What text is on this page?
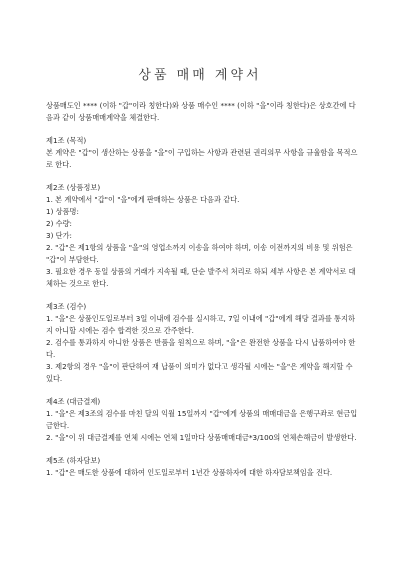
상품 매매 계약서

상품매도인 **** (이하 "갑"이라 칭한다)와 상품 매수인 **** (이하 "을"이라 칭한다)은 상호간에 다음과 같이 상품매매계약을 체결한다.

제1조 (목적)

본 계약은 "갑"이 생산하는 상품을 "을"이 구입하는 사항과 관련된 권리의무 사항을 규율함을 목적으로 한다.

제2조 (상품정보)

1. 본 계약에서 "갑"이 "을"에게 판매하는 상품은 다음과 같다.

1) 상품명:

2) 수량:

3) 단가:

2. "갑"은 제1항의 상품을 "을"의 영업소까지 이송을 하여야 하며, 이송 이전까지의 비용 및 위험은 "갑"이 부담한다.

3. 필요한 경우 동일 상품의 거래가 지속될 때, 단순 발주서 처리로 하되 세부 사항은 본 계약서로 대체하는 것으로 한다.

제3조 (검수)

1. "을"은 상품인도일로부터 3일 이내에 검수를 실시하고, 7일 이내에 "갑"에게 해당 결과를 통지하지 아니할 시에는 검수 합격한 것으로 간주한다.

2. 검수를 통과하지 아니한 상품은 반품을 원칙으로 하며, "을"은 완전한 상품을 다시 납품하여야 한다.

3. 제2항의 경우 "을"이 판단하여 재 납품이 의미가 없다고 생각될 시에는 "을"은 계약을 해지할 수 있다.

제4조 (대금결제)

1. "을"은 제3조의 검수를 마친 달의 익월 15일까지 "갑"에게 상품의 매매대금을 은행구좌로 현금입금한다.

2. "을"이 위 대금결제를 연체 시에는 연체 1일마다 상품매매대금*3/100의 연체손해금이 발생한다.

제5조 (하자담보)

1. "갑"은 매도한 상품에 대하여 인도일로부터 1년간 상품하자에 대한 하자담보책임을 진다.
